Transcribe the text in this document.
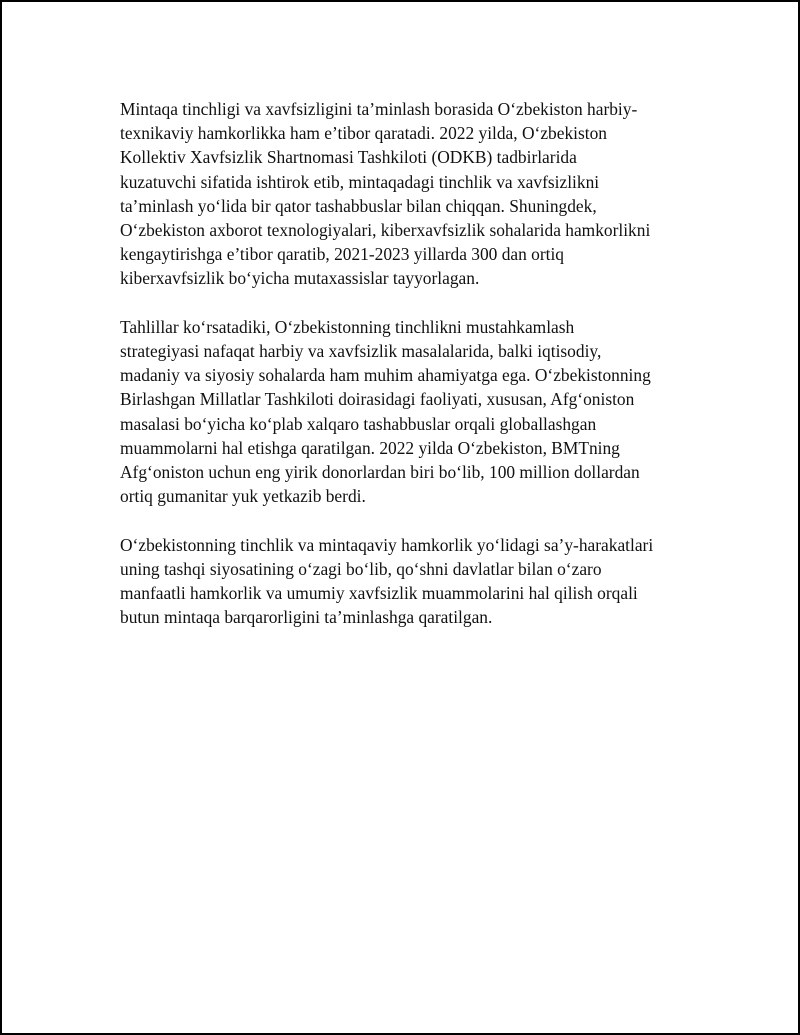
Mintaqa tinchligi va xavfsizligini ta’minlash borasida O‘zbekiston harbiy-
texnikaviy hamkorlikka ham e’tibor qaratadi. 2022 yilda, O‘zbekiston
Kollektiv Xavfsizlik Shartnomasi Tashkiloti (ODKB) tadbirlarida
kuzatuvchi sifatida ishtirok etib, mintaqadagi tinchlik va xavfsizlikni
ta’minlash yo‘lida bir qator tashabbuslar bilan chiqqan. Shuningdek,
O‘zbekiston axborot texnologiyalari, kiberxavfsizlik sohalarida hamkorlikni
kengaytirishga e’tibor qaratib, 2021-2023 yillarda 300 dan ortiq
kiberxavfsizlik bo‘yicha mutaxassislar tayyorlagan.

Tahlillar ko‘rsatadiki, O‘zbekistonning tinchlikni mustahkamlash
strategiyasi nafaqat harbiy va xavfsizlik masalalarida, balki iqtisodiy,
madaniy va siyosiy sohalarda ham muhim ahamiyatga ega. O‘zbekistonning
Birlashgan Millatlar Tashkiloti doirasidagi faoliyati, xususan, Afg‘oniston
masalasi bo‘yicha ko‘plab xalqaro tashabbuslar orqali globallashgan
muammolarni hal etishga qaratilgan. 2022 yilda O‘zbekiston, BMTning
Afg‘oniston uchun eng yirik donorlardan biri bo‘lib, 100 million dollardan
ortiq gumanitar yuk yetkazib berdi.

O‘zbekistonning tinchlik va mintaqaviy hamkorlik yo‘lidagi sa’y-harakatlari
uning tashqi siyosatining o‘zagi bo‘lib, qo‘shni davlatlar bilan o‘zaro
manfaatli hamkorlik va umumiy xavfsizlik muammolarini hal qilish orqali
butun mintaqa barqarorligini ta’minlashga qaratilgan.
